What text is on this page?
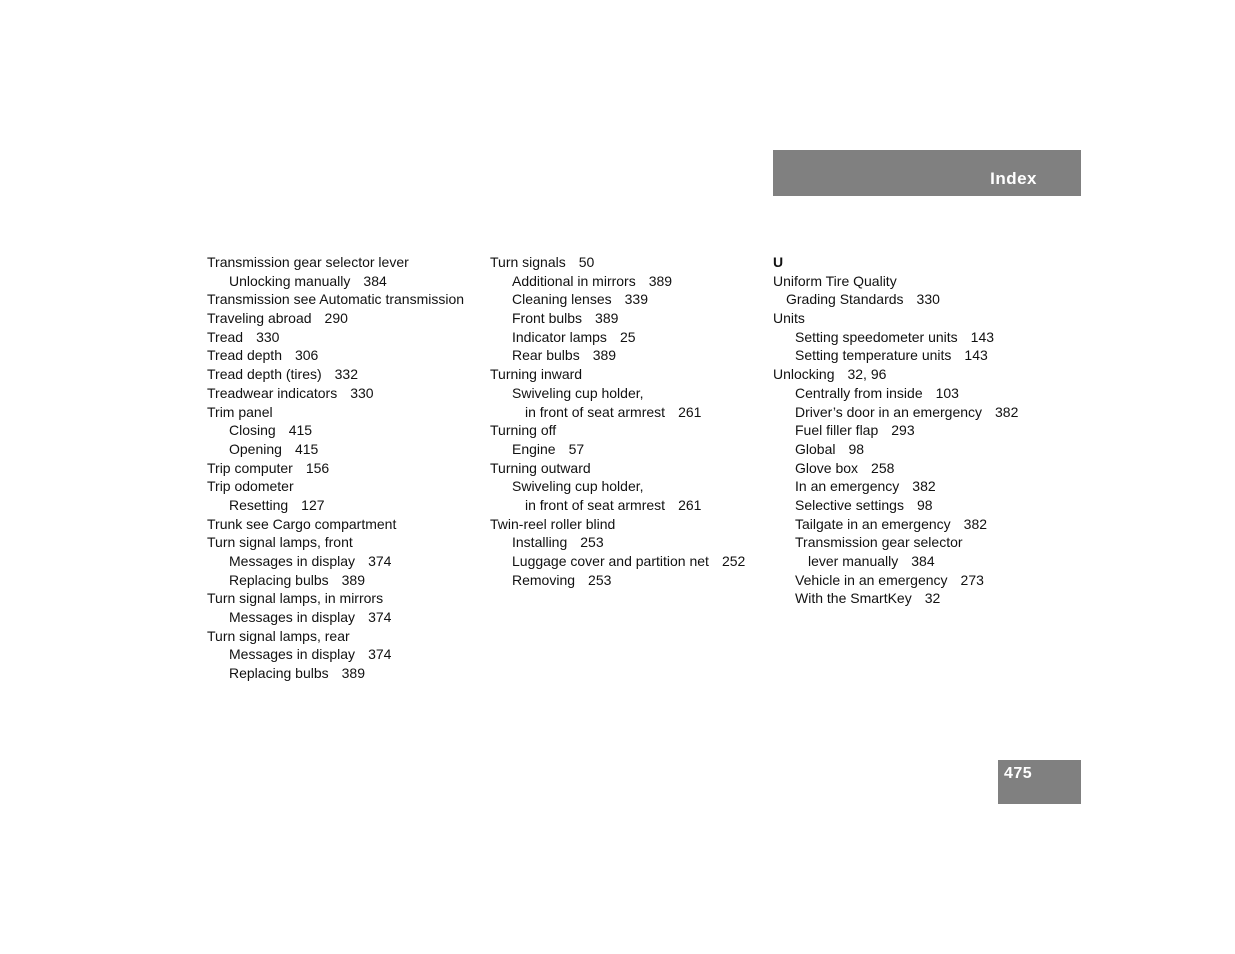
Index
Transmission gear selector lever
Unlocking manually 384
Transmission see Automatic transmission
Traveling abroad 290
Tread 330
Tread depth 306
Tread depth (tires) 332
Treadwear indicators 330
Trim panel
Closing 415
Opening 415
Trip computer 156
Trip odometer
Resetting 127
Trunk see Cargo compartment
Turn signal lamps, front
Messages in display 374
Replacing bulbs 389
Turn signal lamps, in mirrors
Messages in display 374
Turn signal lamps, rear
Messages in display 374
Replacing bulbs 389
Turn signals 50
Additional in mirrors 389
Cleaning lenses 339
Front bulbs 389
Indicator lamps 25
Rear bulbs 389
Turning inward
Swiveling cup holder,
in front of seat armrest 261
Turning off
Engine 57
Turning outward
Swiveling cup holder,
in front of seat armrest 261
Twin-reel roller blind
Installing 253
Luggage cover and partition net 252
Removing 253
U
Uniform Tire Quality
Grading Standards 330
Units
Setting speedometer units 143
Setting temperature units 143
Unlocking 32, 96
Centrally from inside 103
Driver’s door in an emergency 382
Fuel filler flap 293
Global 98
Glove box 258
In an emergency 382
Selective settings 98
Tailgate in an emergency 382
Transmission gear selector
lever manually 384
Vehicle in an emergency 273
With the SmartKey 32
475
